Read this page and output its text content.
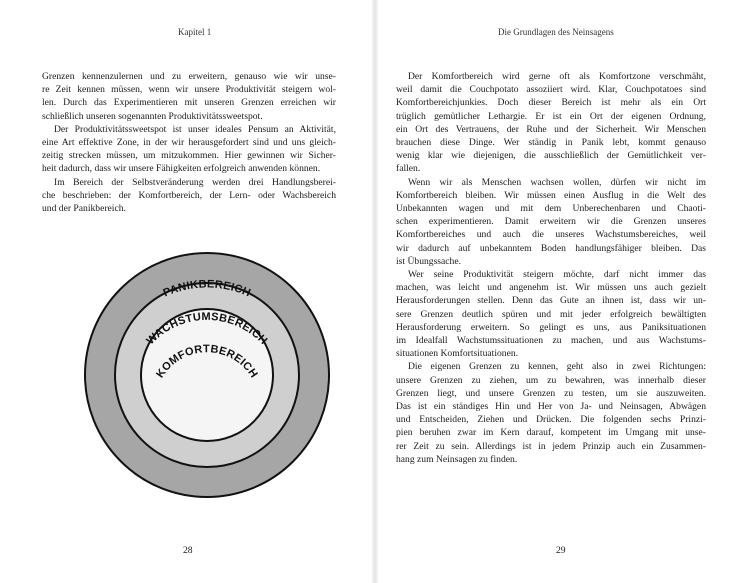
Kapitel 1

Grenzen kennenzulernen und zu erweitern, genauso wie wir unse-

re Zeit kennen müssen, wenn wir unsere Produktivität steigern wol-

len. Durch das Experimentieren mit unseren Grenzen erreichen wir

schließlich unseren sogenannten Produktivitätssweetspot.

Der Produktivitätssweetspot ist unser ideales Pensum an Aktivität,

eine Art effektive Zone, in der wir herausgefordert sind und uns gleich-

zeitig strecken müssen, um mitzukommen. Hier gewinnen wir Sicher-

heit dadurch, dass wir unsere Fähigkeiten erfolgreich anwenden können.

Im Bereich der Selbstveränderung werden drei Handlungsberei-

che beschrieben: der Komfortbereich, der Lern- oder Wachsbereich

und der Panikbereich.

PANIKBEREICH
WACHSTUMSBEREICH
KOMFORTBEREICH
28
Die Grundlagen des Neinsagens

Der Komfortbereich wird gerne oft als Komfortzone verschmäht,

weil damit die Couchpotato assoziiert wird. Klar, Couchpotatoes sind

Komfortbereichjunkies. Doch dieser Bereich ist mehr als ein Ort

trüglich gemütlicher Lethargie. Er ist ein Ort der eigenen Ordnung,

ein Ort des Vertrauens, der Ruhe und der Sicherheit. Wir Menschen

brauchen diese Dinge. Wer ständig in Panik lebt, kommt genauso

wenig klar wie diejenigen, die ausschließlich der Gemütlichkeit ver-

fallen.

Wenn wir als Menschen wachsen wollen, dürfen wir nicht im

Komfortbereich bleiben. Wir müssen einen Ausflug in die Welt des

Unbekannten wagen und mit dem Unberechenbaren und Chaoti-

schen experimentieren. Damit erweitern wir die Grenzen unseres

Komfortbereiches und auch die unseres Wachstumsbereiches, weil

wir dadurch auf unbekanntem Boden handlungsfähiger bleiben. Das

ist Übungssache.

Wer seine Produktivität steigern möchte, darf nicht immer das

machen, was leicht und angenehm ist. Wir müssen uns auch gezielt

Herausforderungen stellen. Denn das Gute an ihnen ist, dass wir un-

sere Grenzen deutlich spüren und mit jeder erfolgreich bewältigten

Herausforderung erweitern. So gelingt es uns, aus Paniksituationen

im Idealfall Wachstumssituationen zu machen, und aus Wachstums-

situationen Komfortsituationen.

Die eigenen Grenzen zu kennen, geht also in zwei Richtungen:

unsere Grenzen zu ziehen, um zu bewahren, was innerhalb dieser

Grenzen liegt, und unsere Grenzen zu testen, um sie auszuweiten.

Das ist ein ständiges Hin und Her von Ja- und Neinsagen, Abwägen

und Entscheiden, Ziehen und Drücken. Die folgenden sechs Prinzi-

pien beruhen zwar im Kern darauf, kompetent im Umgang mit unse-

rer Zeit zu sein. Allerdings ist in jedem Prinzip auch ein Zusammen-

hang zum Neinsagen zu finden.

29
